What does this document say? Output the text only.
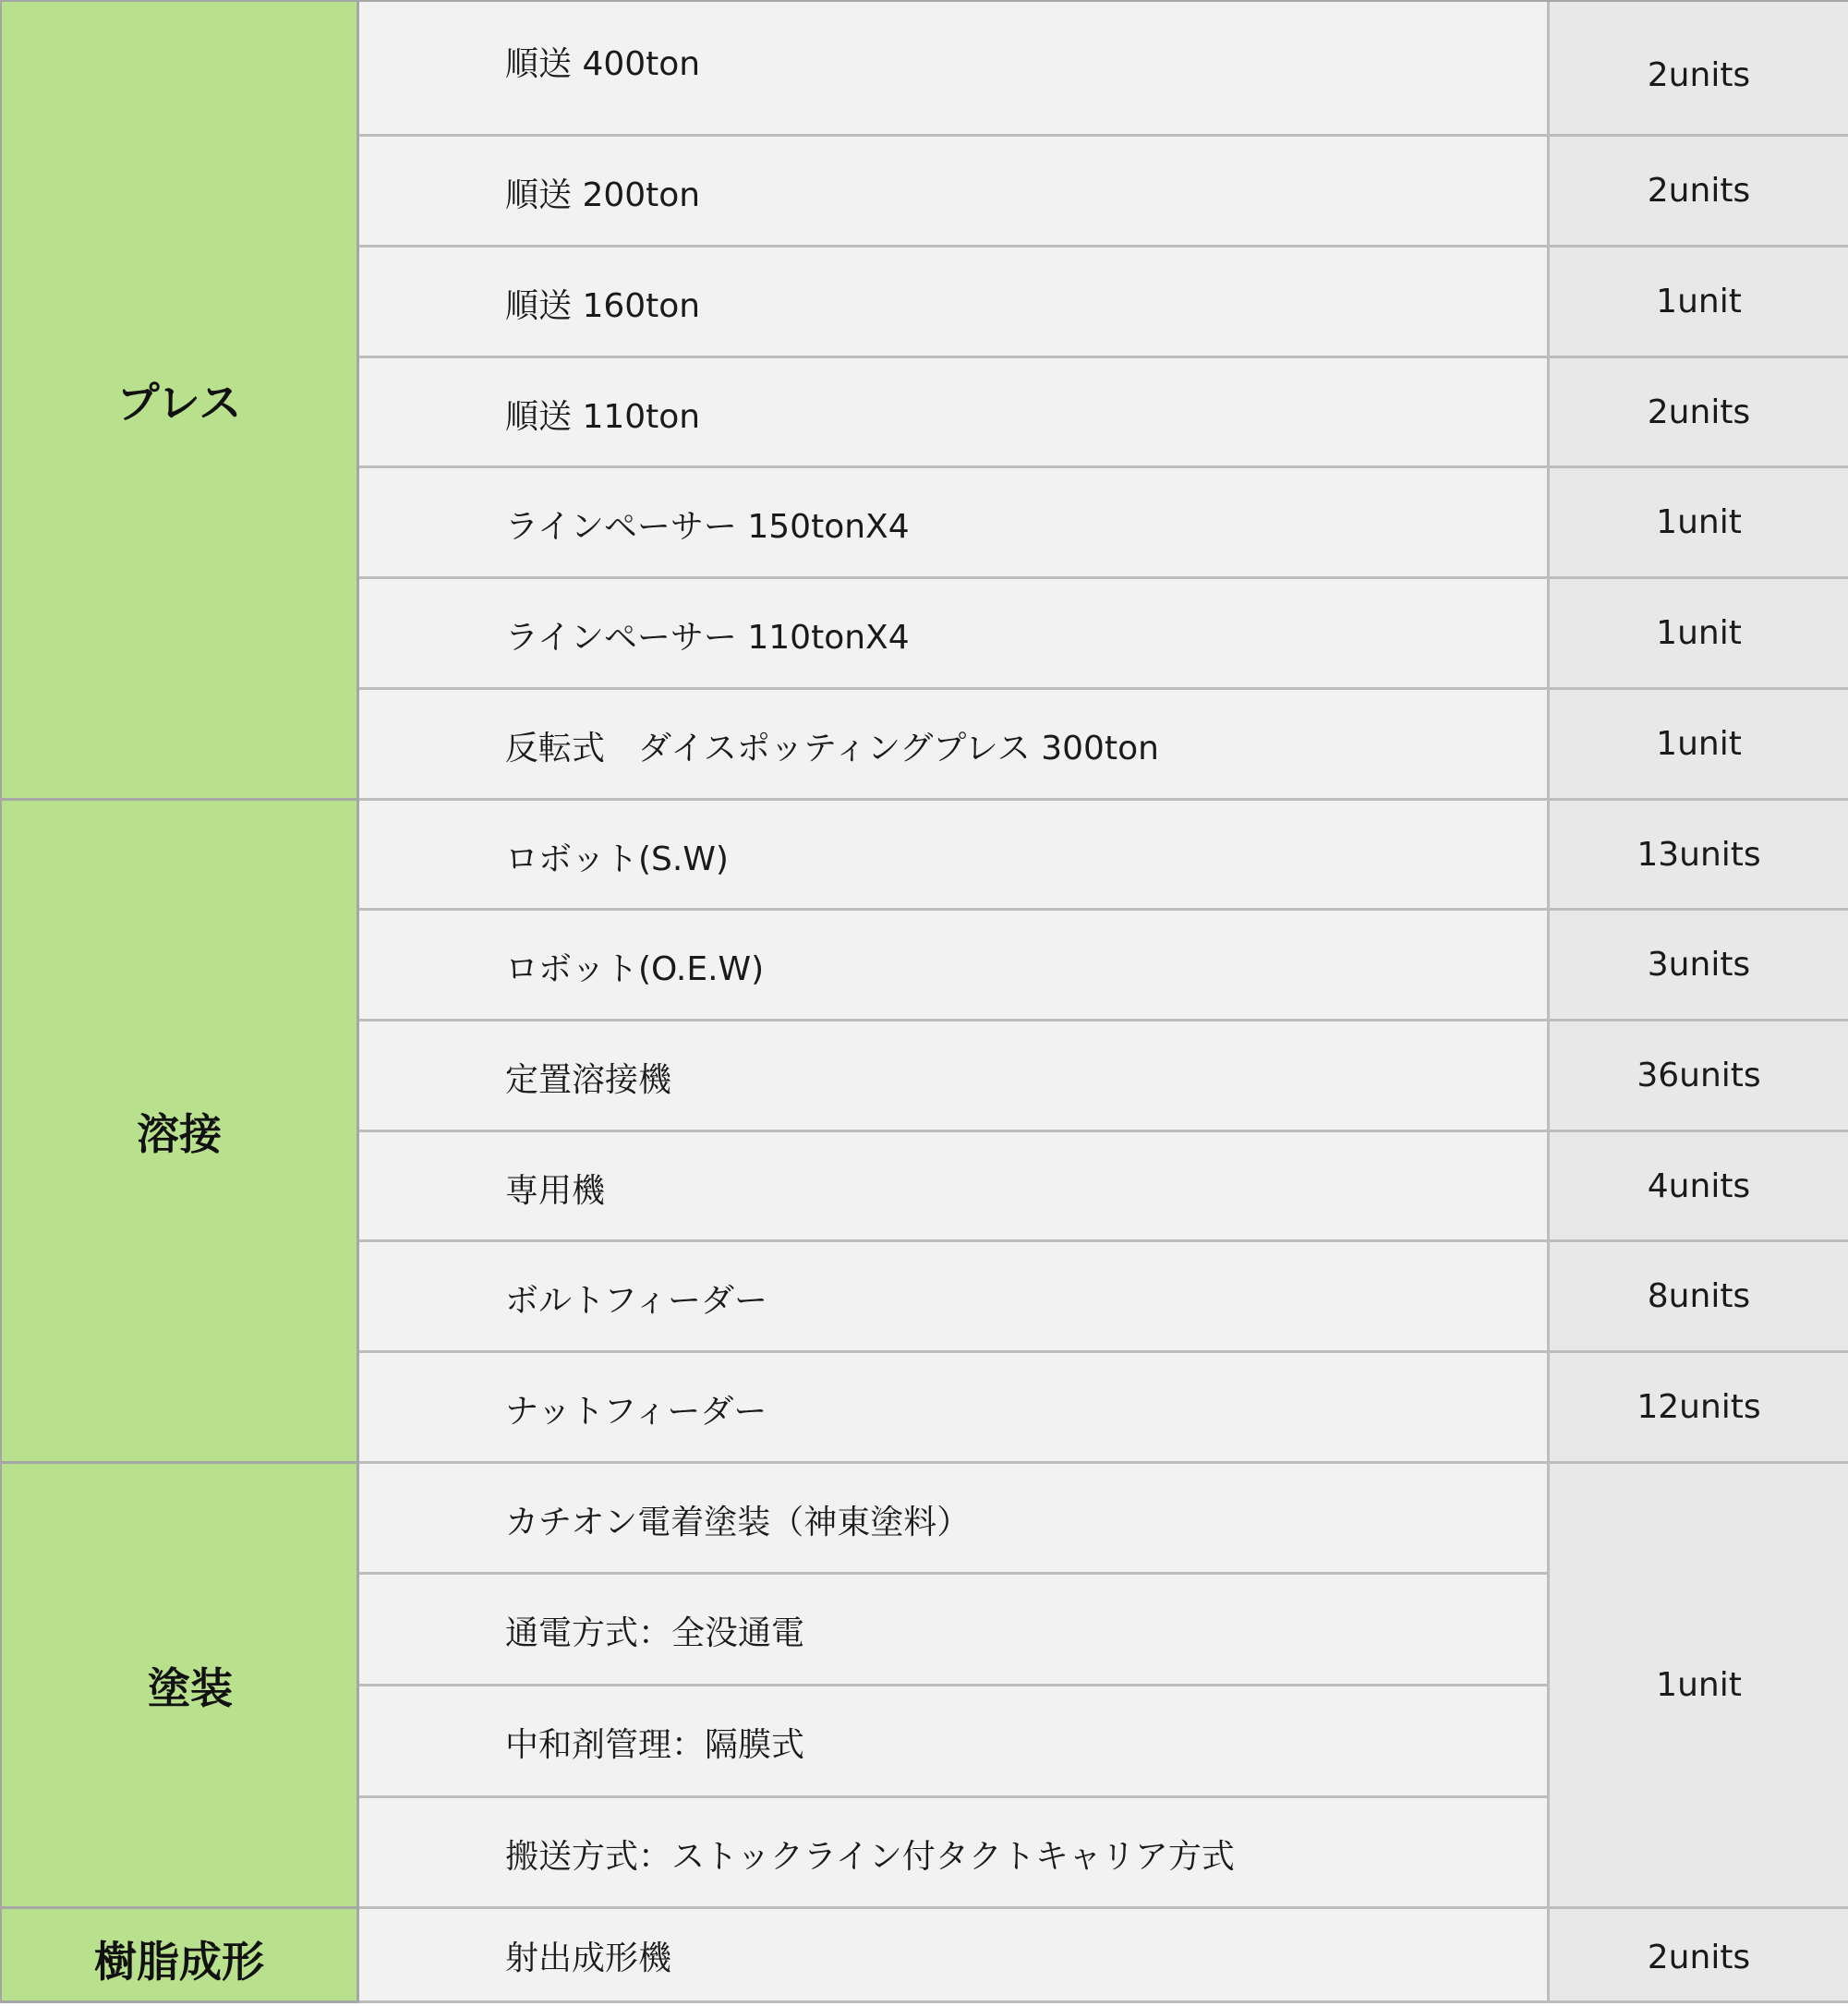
プレス
溶接
塗装
樹脂成形
順送 400ton
順送 200ton
順送 160ton
順送 110ton
ラインペーサー 150tonX4
ラインペーサー 110tonX4
反転式　ダイスポッティングプレス 300ton
ロボット(S.W)
ロボット(O.E.W)
定置溶接機
専用機
ボルトフィーダー
ナットフィーダー
カチオン電着塗装（神東塗料）
通電方式：全没通電
中和剤管理：隔膜式
搬送方式：ストックライン付タクトキャリア方式
射出成形機
2units
2units
1unit
2units
1unit
1unit
1unit
13units
3units
36units
4units
8units
12units
1unit
2units
